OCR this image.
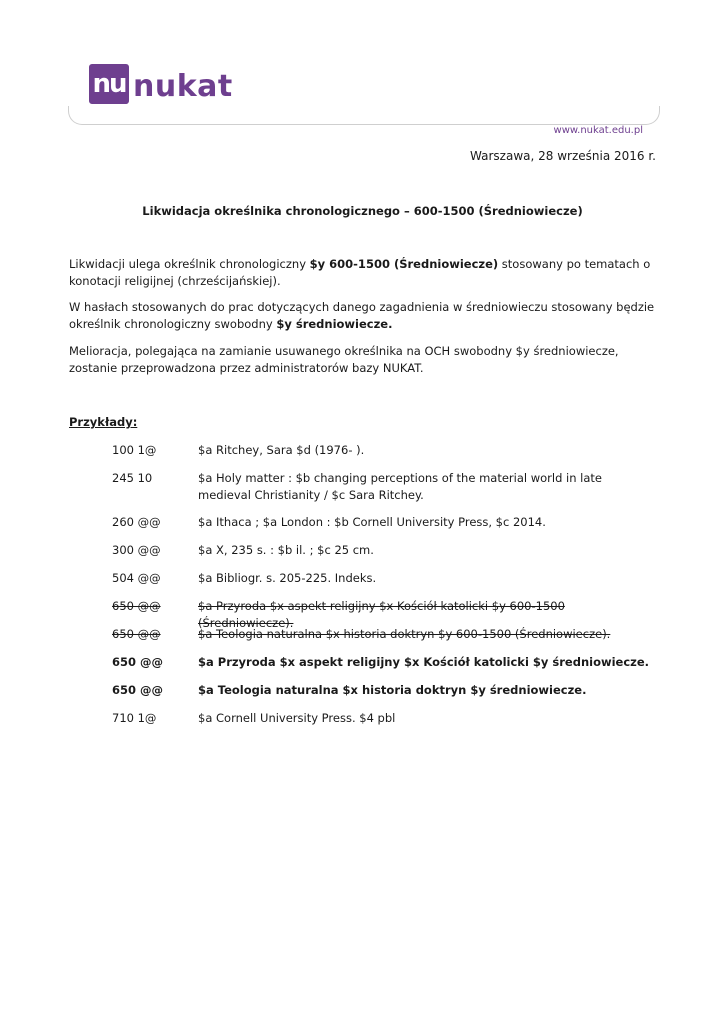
nu nukat
www.nukat.edu.pl
Warszawa, 28 września 2016 r.
Likwidacja określnika chronologicznego – 600-1500 (Średniowiecze)
Likwidacji ulega określnik chronologiczny $y 600-1500 (Średniowiecze) stosowany po tematach o konotacji religijnej (chrześcijańskiej).
W hasłach stosowanych do prac dotyczących danego zagadnienia w średniowieczu stosowany będzie określnik chronologiczny swobodny $y średniowiecze.
Melioracja, polegająca na zamianie usuwanego określnika na OCH swobodny $y średniowiecze, zostanie przeprowadzona przez administratorów bazy NUKAT.
Przykłady:
100 1@	$a Ritchey, Sara $d (1976- ).
245 10	$a Holy matter : $b changing perceptions of the material world in late medieval Christianity / $c Sara Ritchey.
260 @@	$a Ithaca ; $a London : $b Cornell University Press, $c 2014.
300 @@	$a X, 235 s. : $b il. ; $c 25 cm.
504 @@	$a Bibliogr. s. 205-225. Indeks.
650 @@	$a Przyroda $x aspekt religijny $x Kościół katolicki $y 600-1500 (Średniowiecze).
650 @@	$a Teologia naturalna $x historia doktryn $y 600-1500 (Średniowiecze).
650 @@	$a Przyroda $x aspekt religijny $x Kościół katolicki $y średniowiecze.
650 @@	$a Teologia naturalna $x historia doktryn $y średniowiecze.
710 1@	$a Cornell University Press. $4 pbl
